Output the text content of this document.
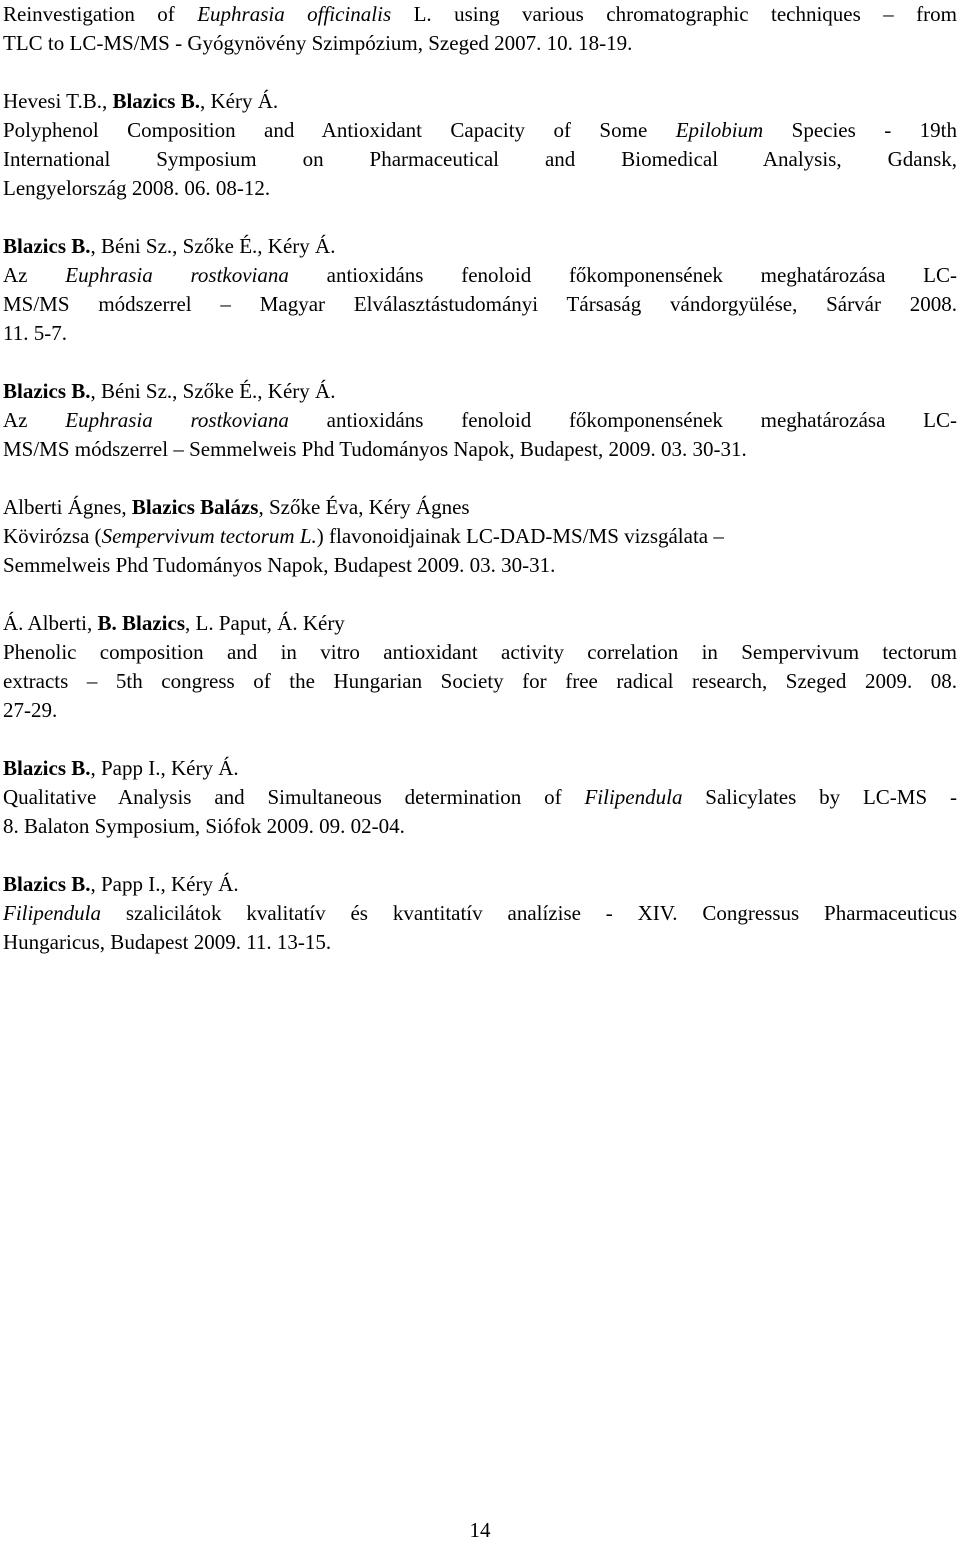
Reinvestigation of Euphrasia officinalis L. using various chromatographic techniques – from
TLC to LC-MS/MS - Gyógynövény Szimpózium, Szeged 2007. 10. 18-19.
Hevesi T.B., Blazics B., Kéry Á.
Polyphenol Composition and Antioxidant Capacity of Some Epilobium Species - 19th
International Symposium on Pharmaceutical and Biomedical Analysis, Gdansk,
Lengyelország 2008. 06. 08-12.
Blazics B., Béni Sz., Szőke É., Kéry Á.
Az Euphrasia rostkoviana antioxidáns fenoloid főkomponensének meghatározása LC-
MS/MS módszerrel – Magyar Elválasztástudományi Társaság vándorgyülése, Sárvár 2008.
11. 5-7.
Blazics B., Béni Sz., Szőke É., Kéry Á.
Az Euphrasia rostkoviana antioxidáns fenoloid főkomponensének meghatározása LC-
MS/MS módszerrel – Semmelweis Phd Tudományos Napok, Budapest, 2009. 03. 30-31.
Alberti Ágnes, Blazics Balázs, Szőke Éva, Kéry Ágnes
Kövirózsa (Sempervivum tectorum L.) flavonoidjainak LC-DAD-MS/MS vizsgálata –
Semmelweis Phd Tudományos Napok, Budapest 2009. 03. 30-31.
Á. Alberti, B. Blazics, L. Paput, Á. Kéry
Phenolic composition and in vitro antioxidant activity correlation in Sempervivum tectorum
extracts – 5th congress of the Hungarian Society for free radical research, Szeged 2009. 08.
27-29.
Blazics B., Papp I., Kéry Á.
Qualitative Analysis and Simultaneous determination of Filipendula Salicylates by LC-MS -
8. Balaton Symposium, Siófok 2009. 09. 02-04.
Blazics B., Papp I., Kéry Á.
Filipendula szalicilátok kvalitatív és kvantitatív analízise - XIV. Congressus Pharmaceuticus
Hungaricus, Budapest 2009. 11. 13-15.
14
